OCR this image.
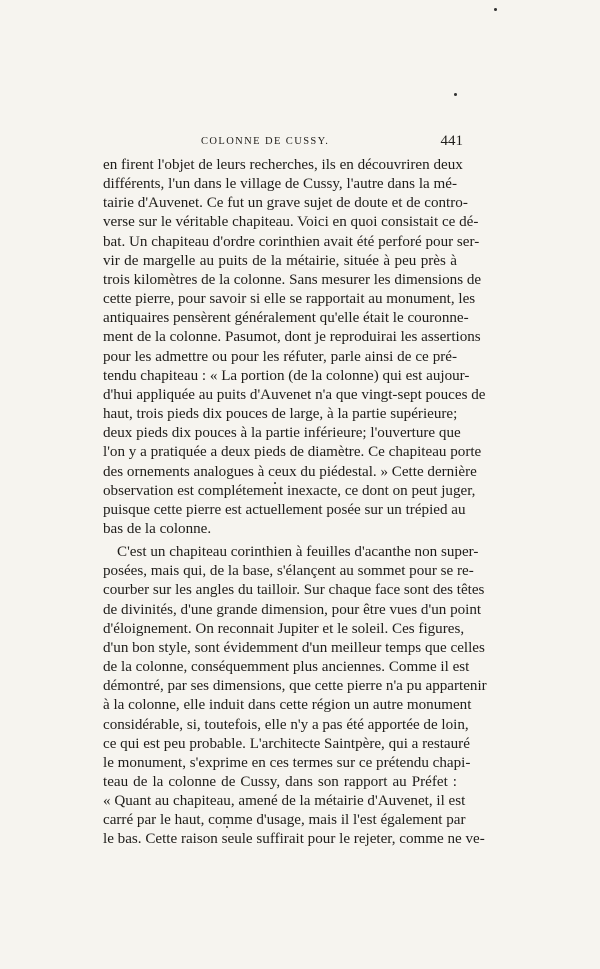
COLONNE DE CUSSY.	441
en firent l'objet de leurs recherches, ils en découvriren deux
différents, l'un dans le village de Cussy, l'autre dans la mé-
tairie d'Auvenet. Ce fut un grave sujet de doute et de contro-
verse sur le véritable chapiteau. Voici en quoi consistait ce dé-
bat. Un chapiteau d'ordre corinthien avait été perforé pour ser-
vir de margelle au puits de la métairie, située à peu près à
trois kilomètres de la colonne. Sans mesurer les dimensions de
cette pierre, pour savoir si elle se rapportait au monument, les
antiquaires pensèrent généralement qu'elle était le couronne-
ment de la colonne. Pasumot, dont je reproduirai les assertions
pour les admettre ou pour les réfuter, parle ainsi de ce pré-
tendu chapiteau : « La portion (de la colonne) qui est aujour-
d'hui appliquée au puits d'Auvenet n'a que vingt-sept pouces de
haut, trois pieds dix pouces de large, à la partie supérieure;
deux pieds dix pouces à la partie inférieure; l'ouverture que
l'on y a pratiquée a deux pieds de diamètre. Ce chapiteau porte
des ornements analogues à ceux du piédestal. » Cette dernière
observation est complétement inexacte, ce dont on peut juger,
puisque cette pierre est actuellement posée sur un trépied au
bas de la colonne.
C'est un chapiteau corinthien à feuilles d'acanthe non super-
posées, mais qui, de la base, s'élançent au sommet pour se re-
courber sur les angles du tailloir. Sur chaque face sont des têtes
de divinités, d'une grande dimension, pour être vues d'un point
d'éloignement. On reconnait Jupiter et le soleil. Ces figures,
d'un bon style, sont évidemment d'un meilleur temps que celles
de la colonne, conséquemment plus anciennes. Comme il est
démontré, par ses dimensions, que cette pierre n'a pu appartenir
à la colonne, elle induit dans cette région un autre monument
considérable, si, toutefois, elle n'y a pas été apportée de loin,
ce qui est peu probable. L'architecte Saintpère, qui a restauré
le monument, s'exprime en ces termes sur ce prétendu chapi-
teau de la colonne de Cussy, dans son rapport au Préfet :
« Quant au chapiteau, amené de la métairie d'Auvenet, il est
carré par le haut, comme d'usage, mais il l'est également par
le bas. Cette raison seule suffirait pour le rejeter, comme ne ve-
